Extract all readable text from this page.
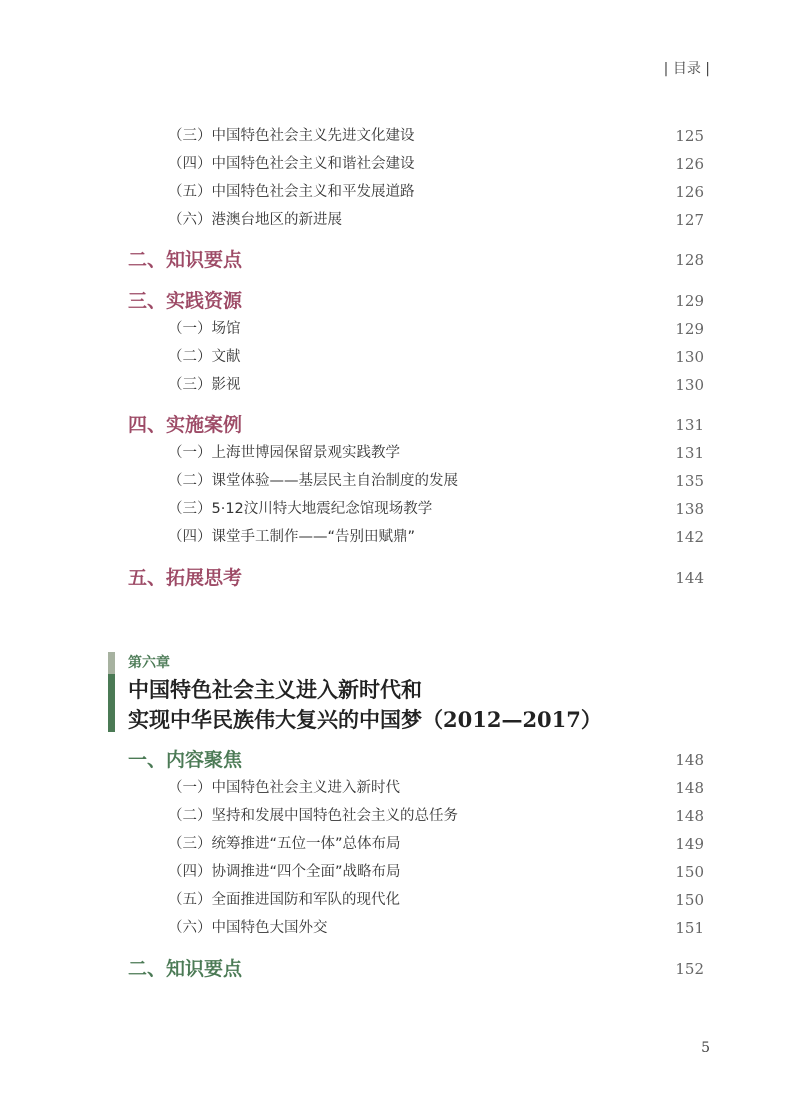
| 目录 |
（三）中国特色社会主义先进文化建设	125
（四）中国特色社会主义和谐社会建设	126
（五）中国特色社会主义和平发展道路	126
（六）港澳台地区的新进展	127
二、知识要点	128
三、实践资源	129
（一）场馆	129
（二）文献	130
（三）影视	130
四、实施案例	131
（一）上海世博园保留景观实践教学	131
（二）课堂体验——基层民主自治制度的发展	135
（三）5·12汶川特大地震纪念馆现场教学	138
（四）课堂手工制作——“告别田赋鼎”	142
五、拓展思考	144
第六章
中国特色社会主义进入新时代和
实现中华民族伟大复兴的中国梦（2012—2017）
一、内容聚焦	148
（一）中国特色社会主义进入新时代	148
（二）坚持和发展中国特色社会主义的总任务	148
（三）统筹推进“五位一体”总体布局	149
（四）协调推进“四个全面”战略布局	150
（五）全面推进国防和军队的现代化	150
（六）中国特色大国外交	151
二、知识要点	152
5
